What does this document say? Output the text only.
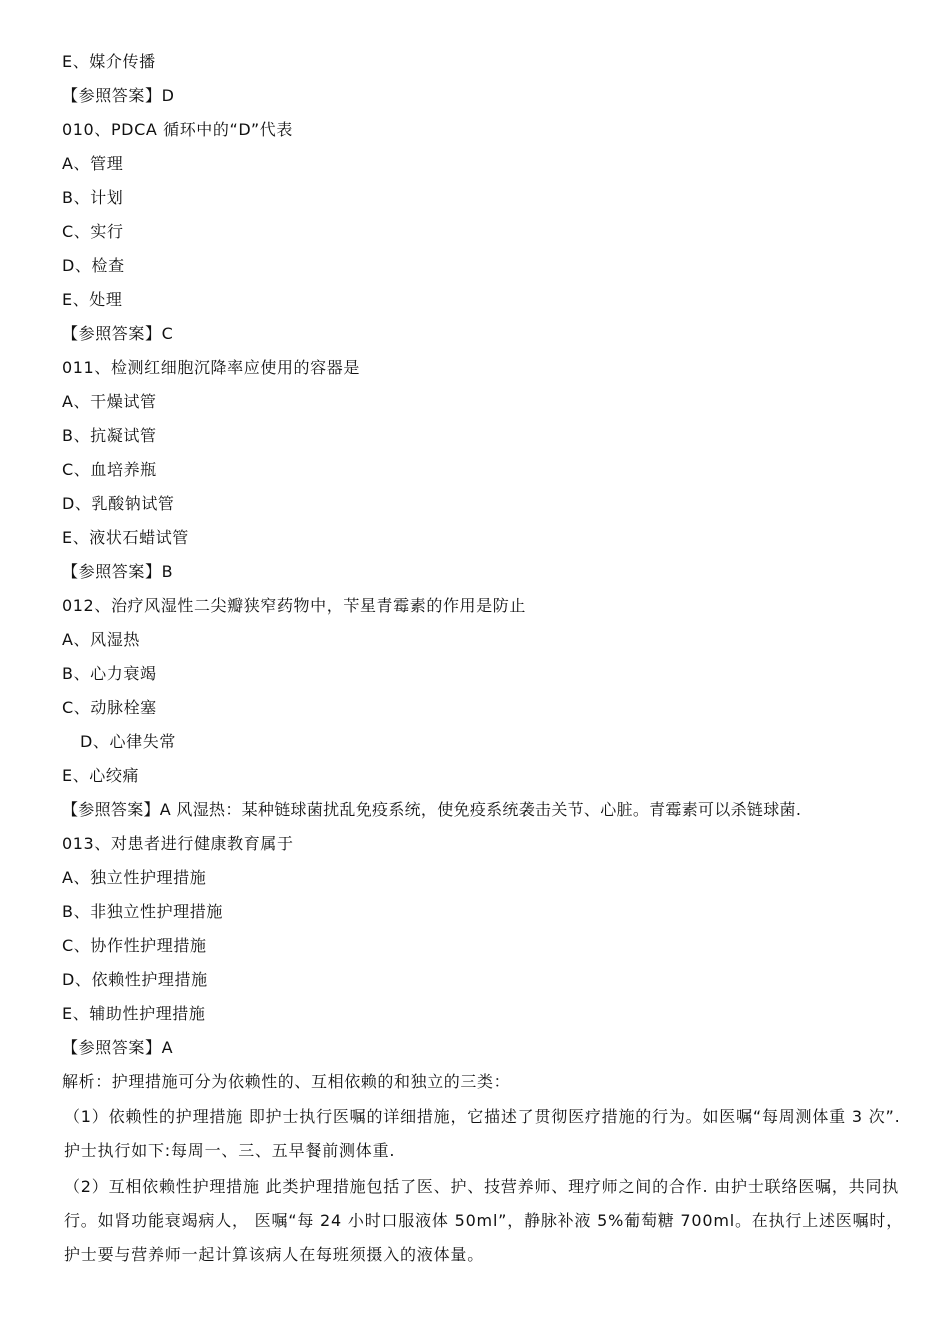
E、媒介传播
【参照答案】D
010、PDCA 循环中的“D”代表
A、管理
B、计划
C、实行
D、检查
E、处理
【参照答案】C
011、检测红细胞沉降率应使用的容器是
A、干燥试管
B、抗凝试管
C、血培养瓶
D、乳酸钠试管
E、液状石蜡试管
【参照答案】B
012、治疗风湿性二尖瓣狭窄药物中，苄星青霉素的作用是防止
A、风湿热
B、心力衰竭
C、动脉栓塞
D、心律失常
E、心绞痛
【参照答案】A 风湿热：某种链球菌扰乱免疫系统，使免疫系统袭击关节、心脏。青霉素可以杀链球菌.
013、对患者进行健康教育属于
A、独立性护理措施
B、非独立性护理措施
C、协作性护理措施
D、依赖性护理措施
E、辅助性护理措施
【参照答案】A
解析：护理措施可分为依赖性的、互相依赖的和独立的三类：
（1）依赖性的护理措施 即护士执行医嘱的详细措施，它描述了贯彻医疗措施的行为。如医嘱“每周测体重 3 次”. 护士执行如下:每周一、三、五早餐前测体重.
（2）互相依赖性护理措施 此类护理措施包括了医、护、技营养师、理疗师之间的合作. 由护士联络医嘱，共同执行。如肾功能衰竭病人， 医嘱“每 24 小时口服液体 50ml”，静脉补液 5%葡萄糖 700ml。在执行上述医嘱时，护士要与营养师一起计算该病人在每班须摄入的液体量。
